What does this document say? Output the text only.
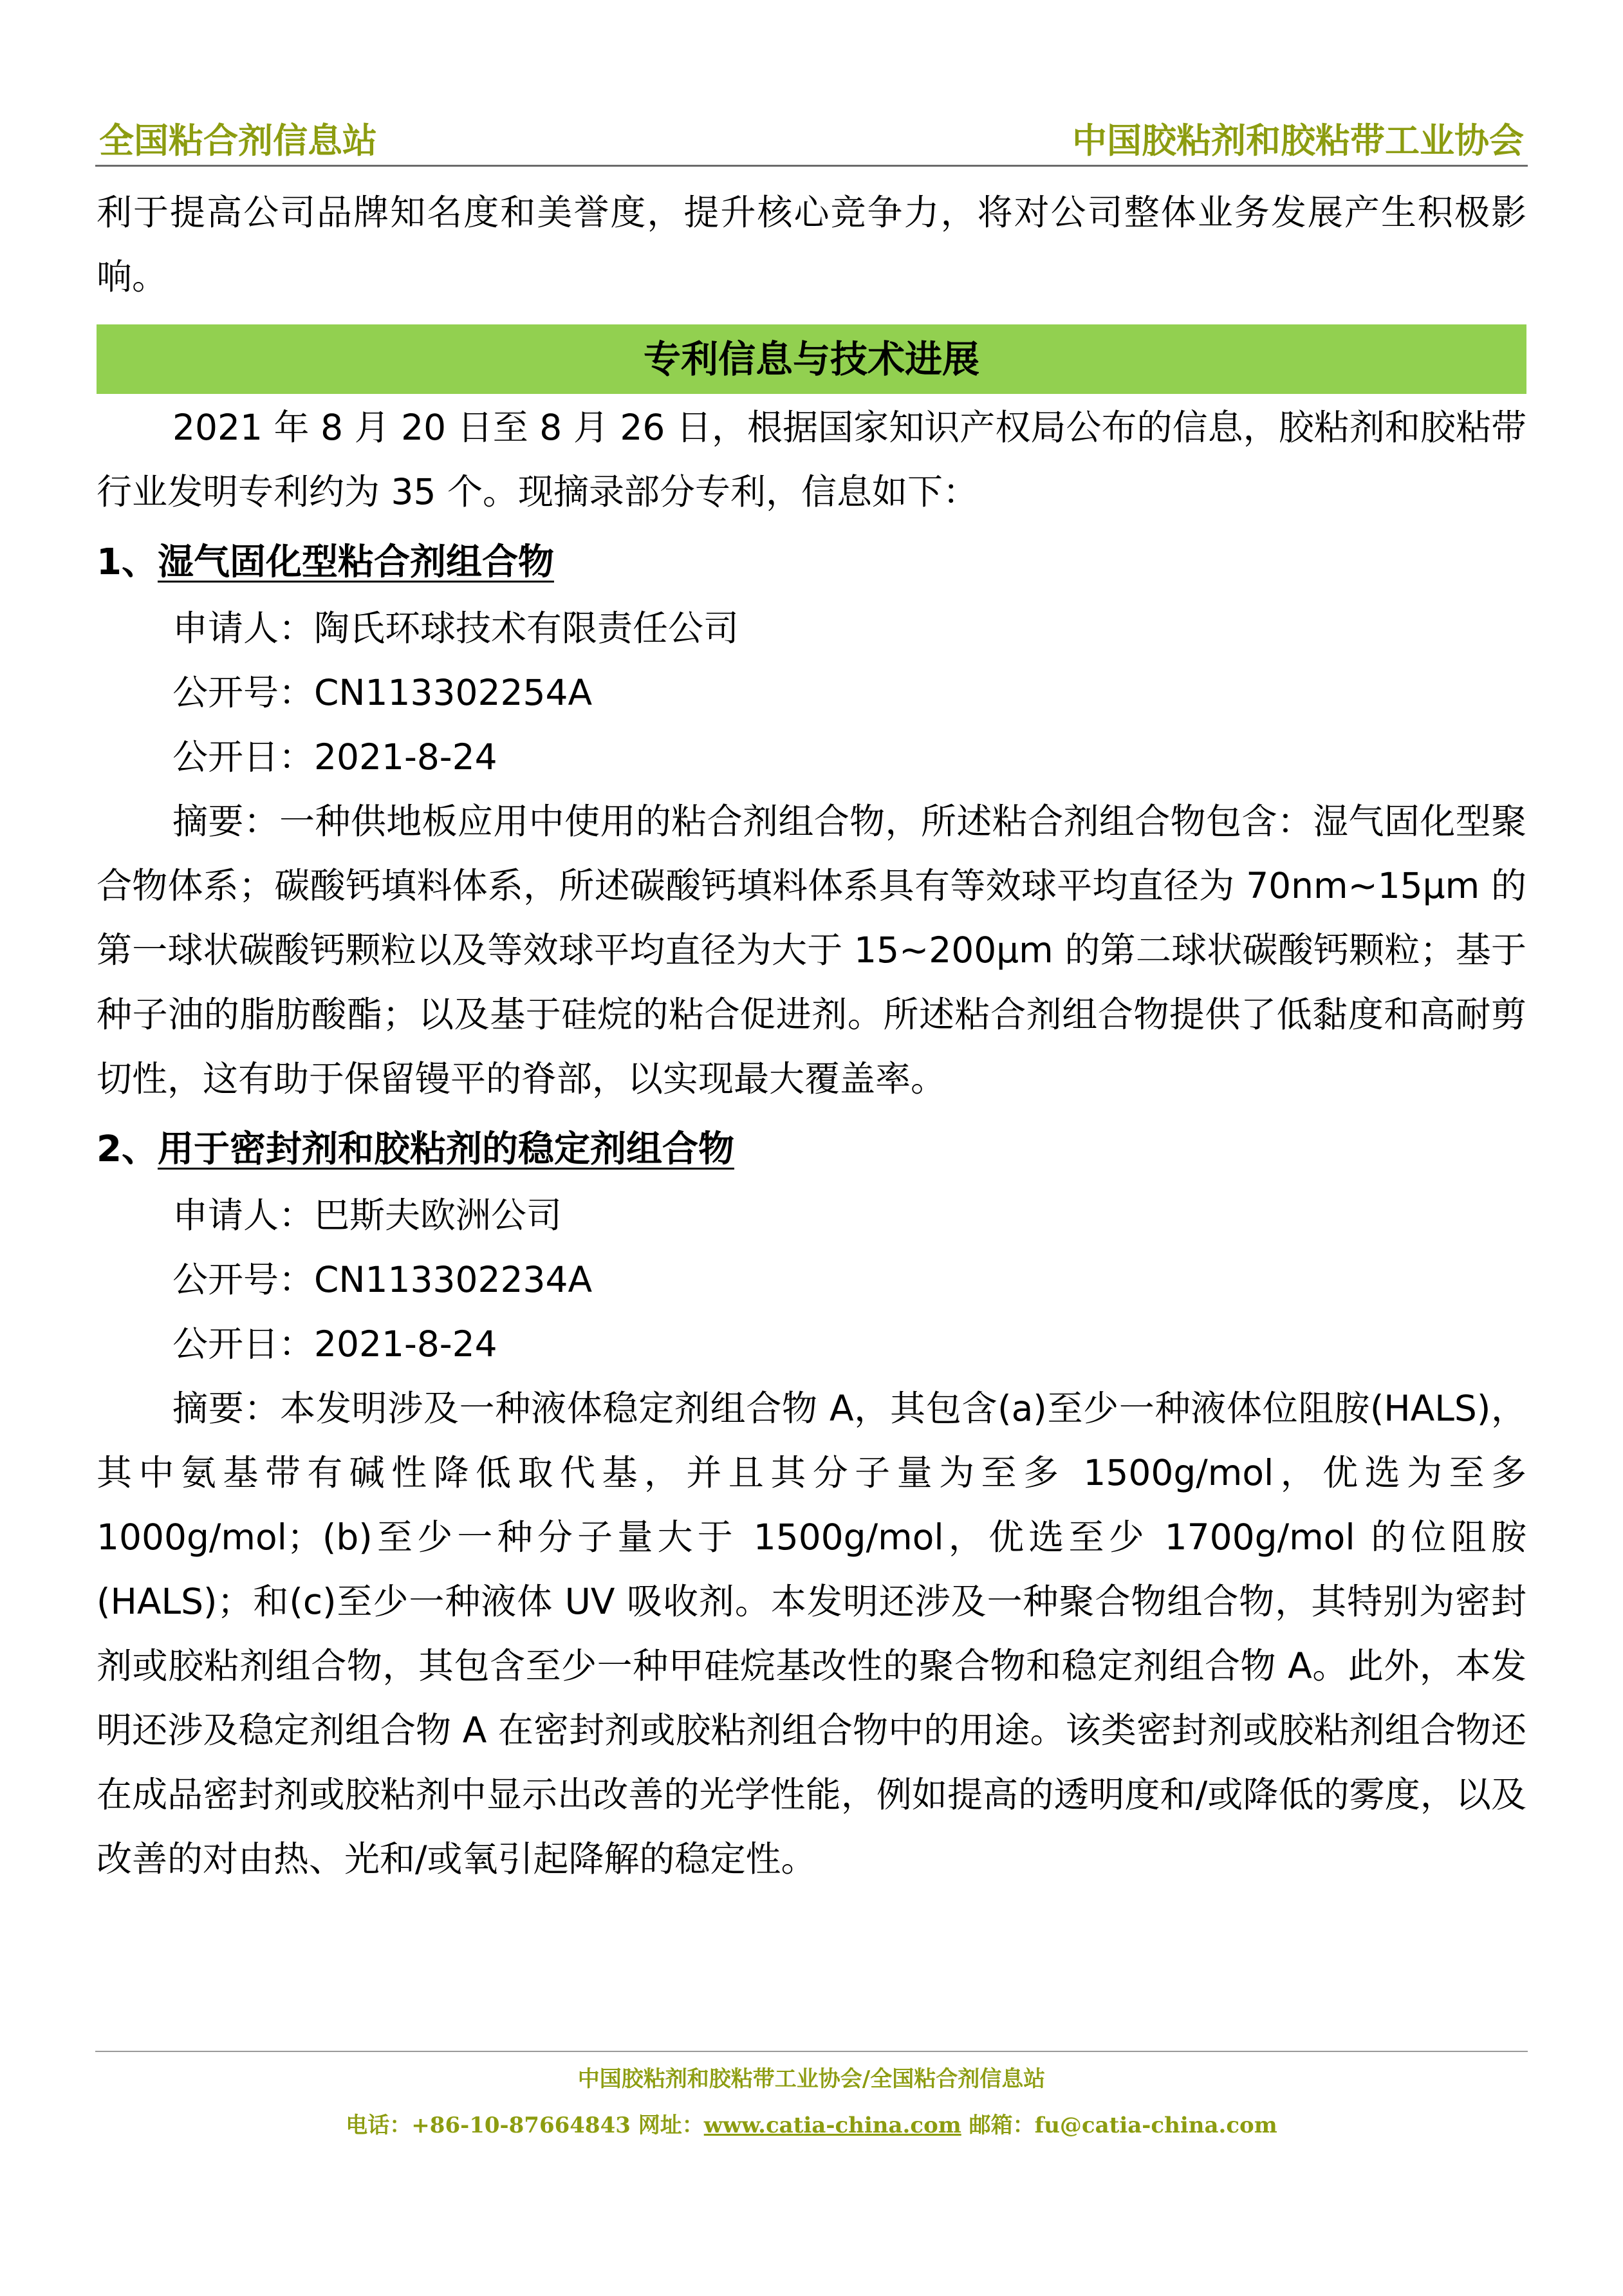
全国粘合剂信息站	中国胶粘剂和胶粘带工业协会

利于提高公司品牌知名度和美誉度，提升核心竞争力，将对公司整体业务发展产生积极影响。

专利信息与技术进展

2021 年 8 月 20 日至 8 月 26 日，根据国家知识产权局公布的信息，胶粘剂和胶粘带行业发明专利约为 35 个。现摘录部分专利，信息如下：

1、湿气固化型粘合剂组合物

申请人：陶氏环球技术有限责任公司

公开号：CN113302254A

公开日：2021-8-24

摘要：一种供地板应用中使用的粘合剂组合物，所述粘合剂组合物包含：湿气固化型聚合物体系；碳酸钙填料体系，所述碳酸钙填料体系具有等效球平均直径为 70nm~15μm 的第一球状碳酸钙颗粒以及等效球平均直径为大于 15~200μm 的第二球状碳酸钙颗粒；基于种子油的脂肪酸酯；以及基于硅烷的粘合促进剂。所述粘合剂组合物提供了低黏度和高耐剪切性，这有助于保留镘平的脊部，以实现最大覆盖率。

2、用于密封剂和胶粘剂的稳定剂组合物

申请人：巴斯夫欧洲公司

公开号：CN113302234A

公开日：2021-8-24

摘要：本发明涉及一种液体稳定剂组合物 A，其包含(a)至少一种液体位阻胺(HALS)，其中氨基带有碱性降低取代基，并且其分子量为至多 1500g/mol，优选为至多 1000g/mol；(b)至少一种分子量大于 1500g/mol，优选至少 1700g/mol 的位阻胺(HALS)；和(c)至少一种液体 UV 吸收剂。本发明还涉及一种聚合物组合物，其特别为密封剂或胶粘剂组合物，其包含至少一种甲硅烷基改性的聚合物和稳定剂组合物 A。此外，本发明还涉及稳定剂组合物 A 在密封剂或胶粘剂组合物中的用途。该类密封剂或胶粘剂组合物还在成品密封剂或胶粘剂中显示出改善的光学性能，例如提高的透明度和/或降低的雾度，以及改善的对由热、光和/或氧引起降解的稳定性。

中国胶粘剂和胶粘带工业协会/全国粘合剂信息站
电话：+86-10-87664843 网址：www.catia-china.com 邮箱：fu@catia-china.com
